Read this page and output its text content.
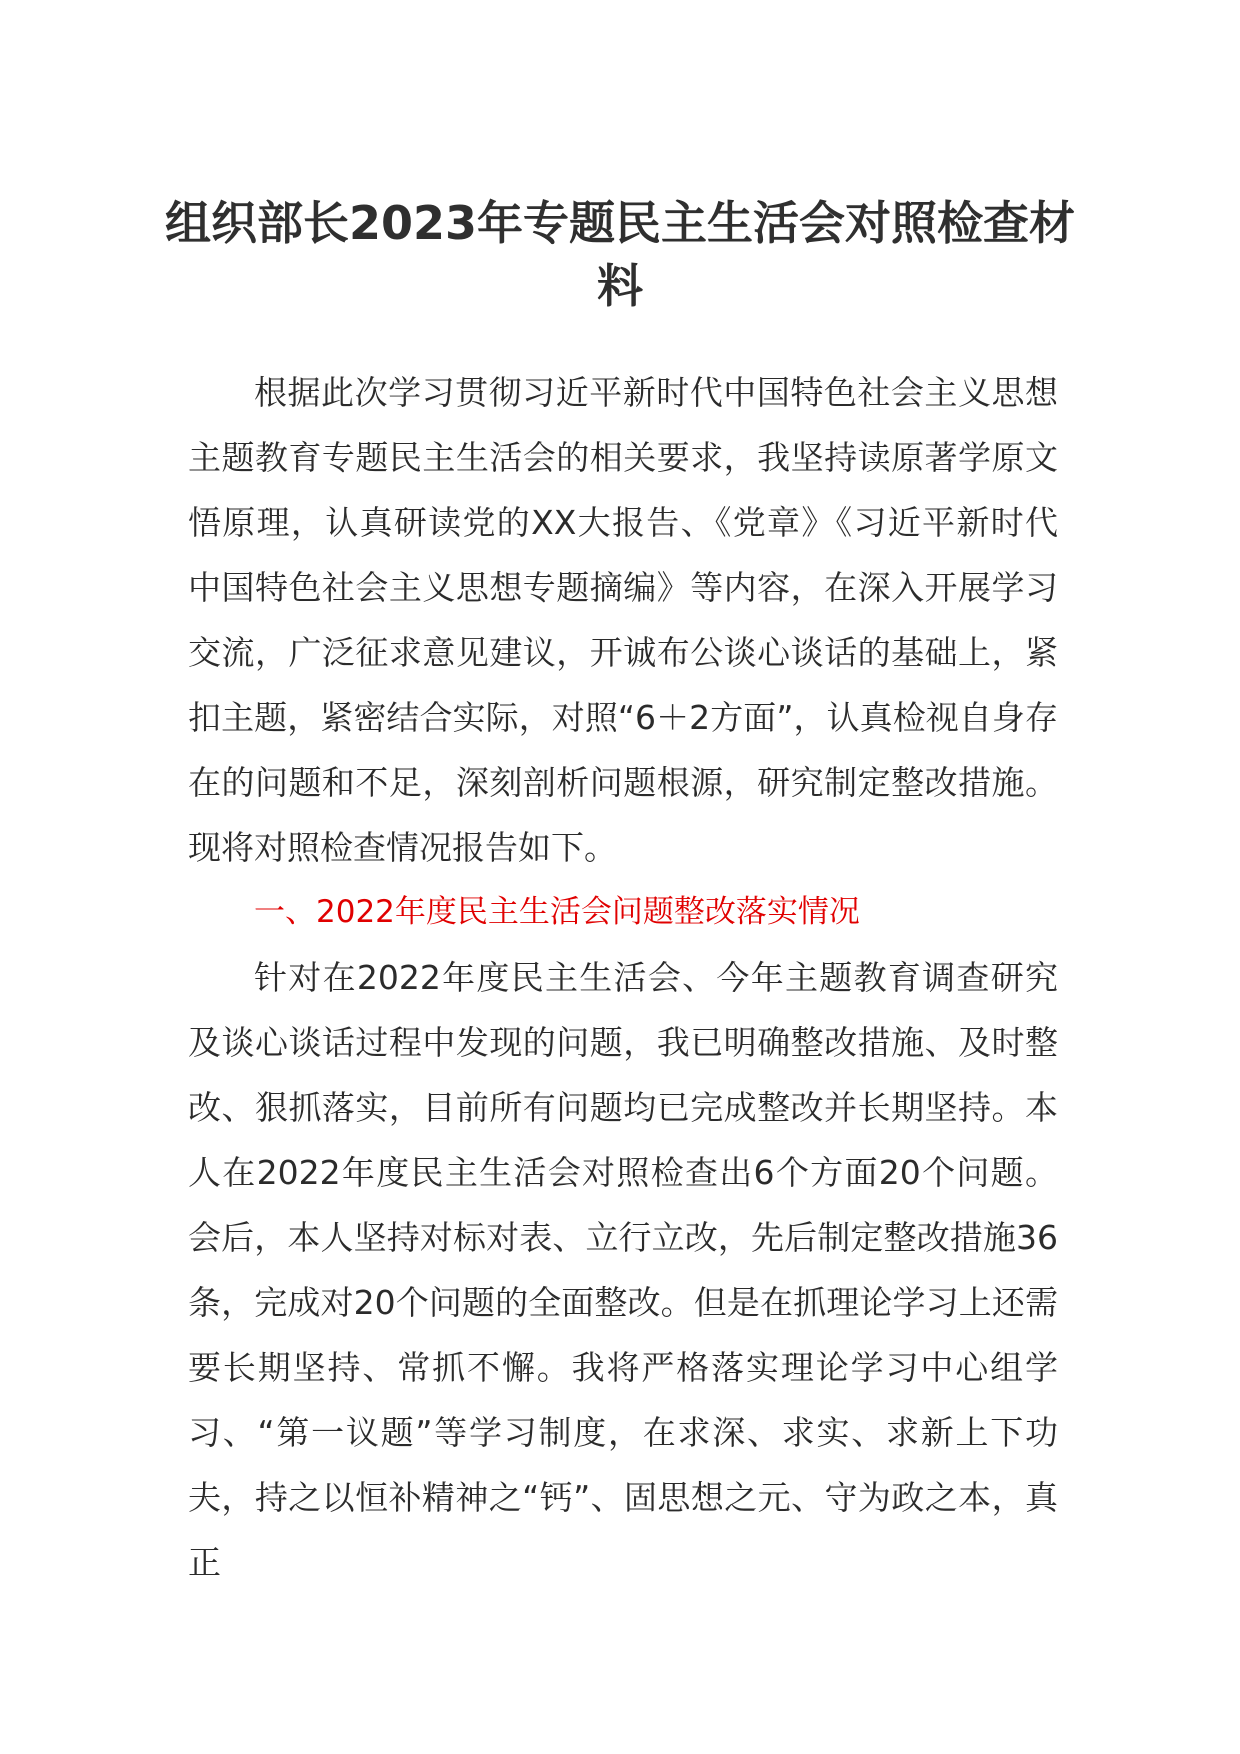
组织部长2023年专题民主生活会对照检查材料

根据此次学习贯彻习近平新时代中国特色社会主义思想主题教育专题民主生活会的相关要求，我坚持读原著学原文悟原理，认真研读党的XX大报告、《党章》《习近平新时代中国特色社会主义思想专题摘编》等内容，在深入开展学习交流，广泛征求意见建议，开诚布公谈心谈话的基础上，紧扣主题，紧密结合实际，对照“6＋2方面”，认真检视自身存在的问题和不足，深刻剖析问题根源，研究制定整改措施。现将对照检查情况报告如下。

一、2022年度民主生活会问题整改落实情况

针对在2022年度民主生活会、今年主题教育调查研究及谈心谈话过程中发现的问题，我已明确整改措施、及时整改、狠抓落实，目前所有问题均已完成整改并长期坚持。本人在2022年度民主生活会对照检查出6个方面20个问题。会后，本人坚持对标对表、立行立改，先后制定整改措施36条，完成对20个问题的全面整改。但是在抓理论学习上还需要长期坚持、常抓不懈。我将严格落实理论学习中心组学习、“第一议题”等学习制度，在求深、求实、求新上下功夫，持之以恒补精神之“钙”、固思想之元、守为政之本，真正
